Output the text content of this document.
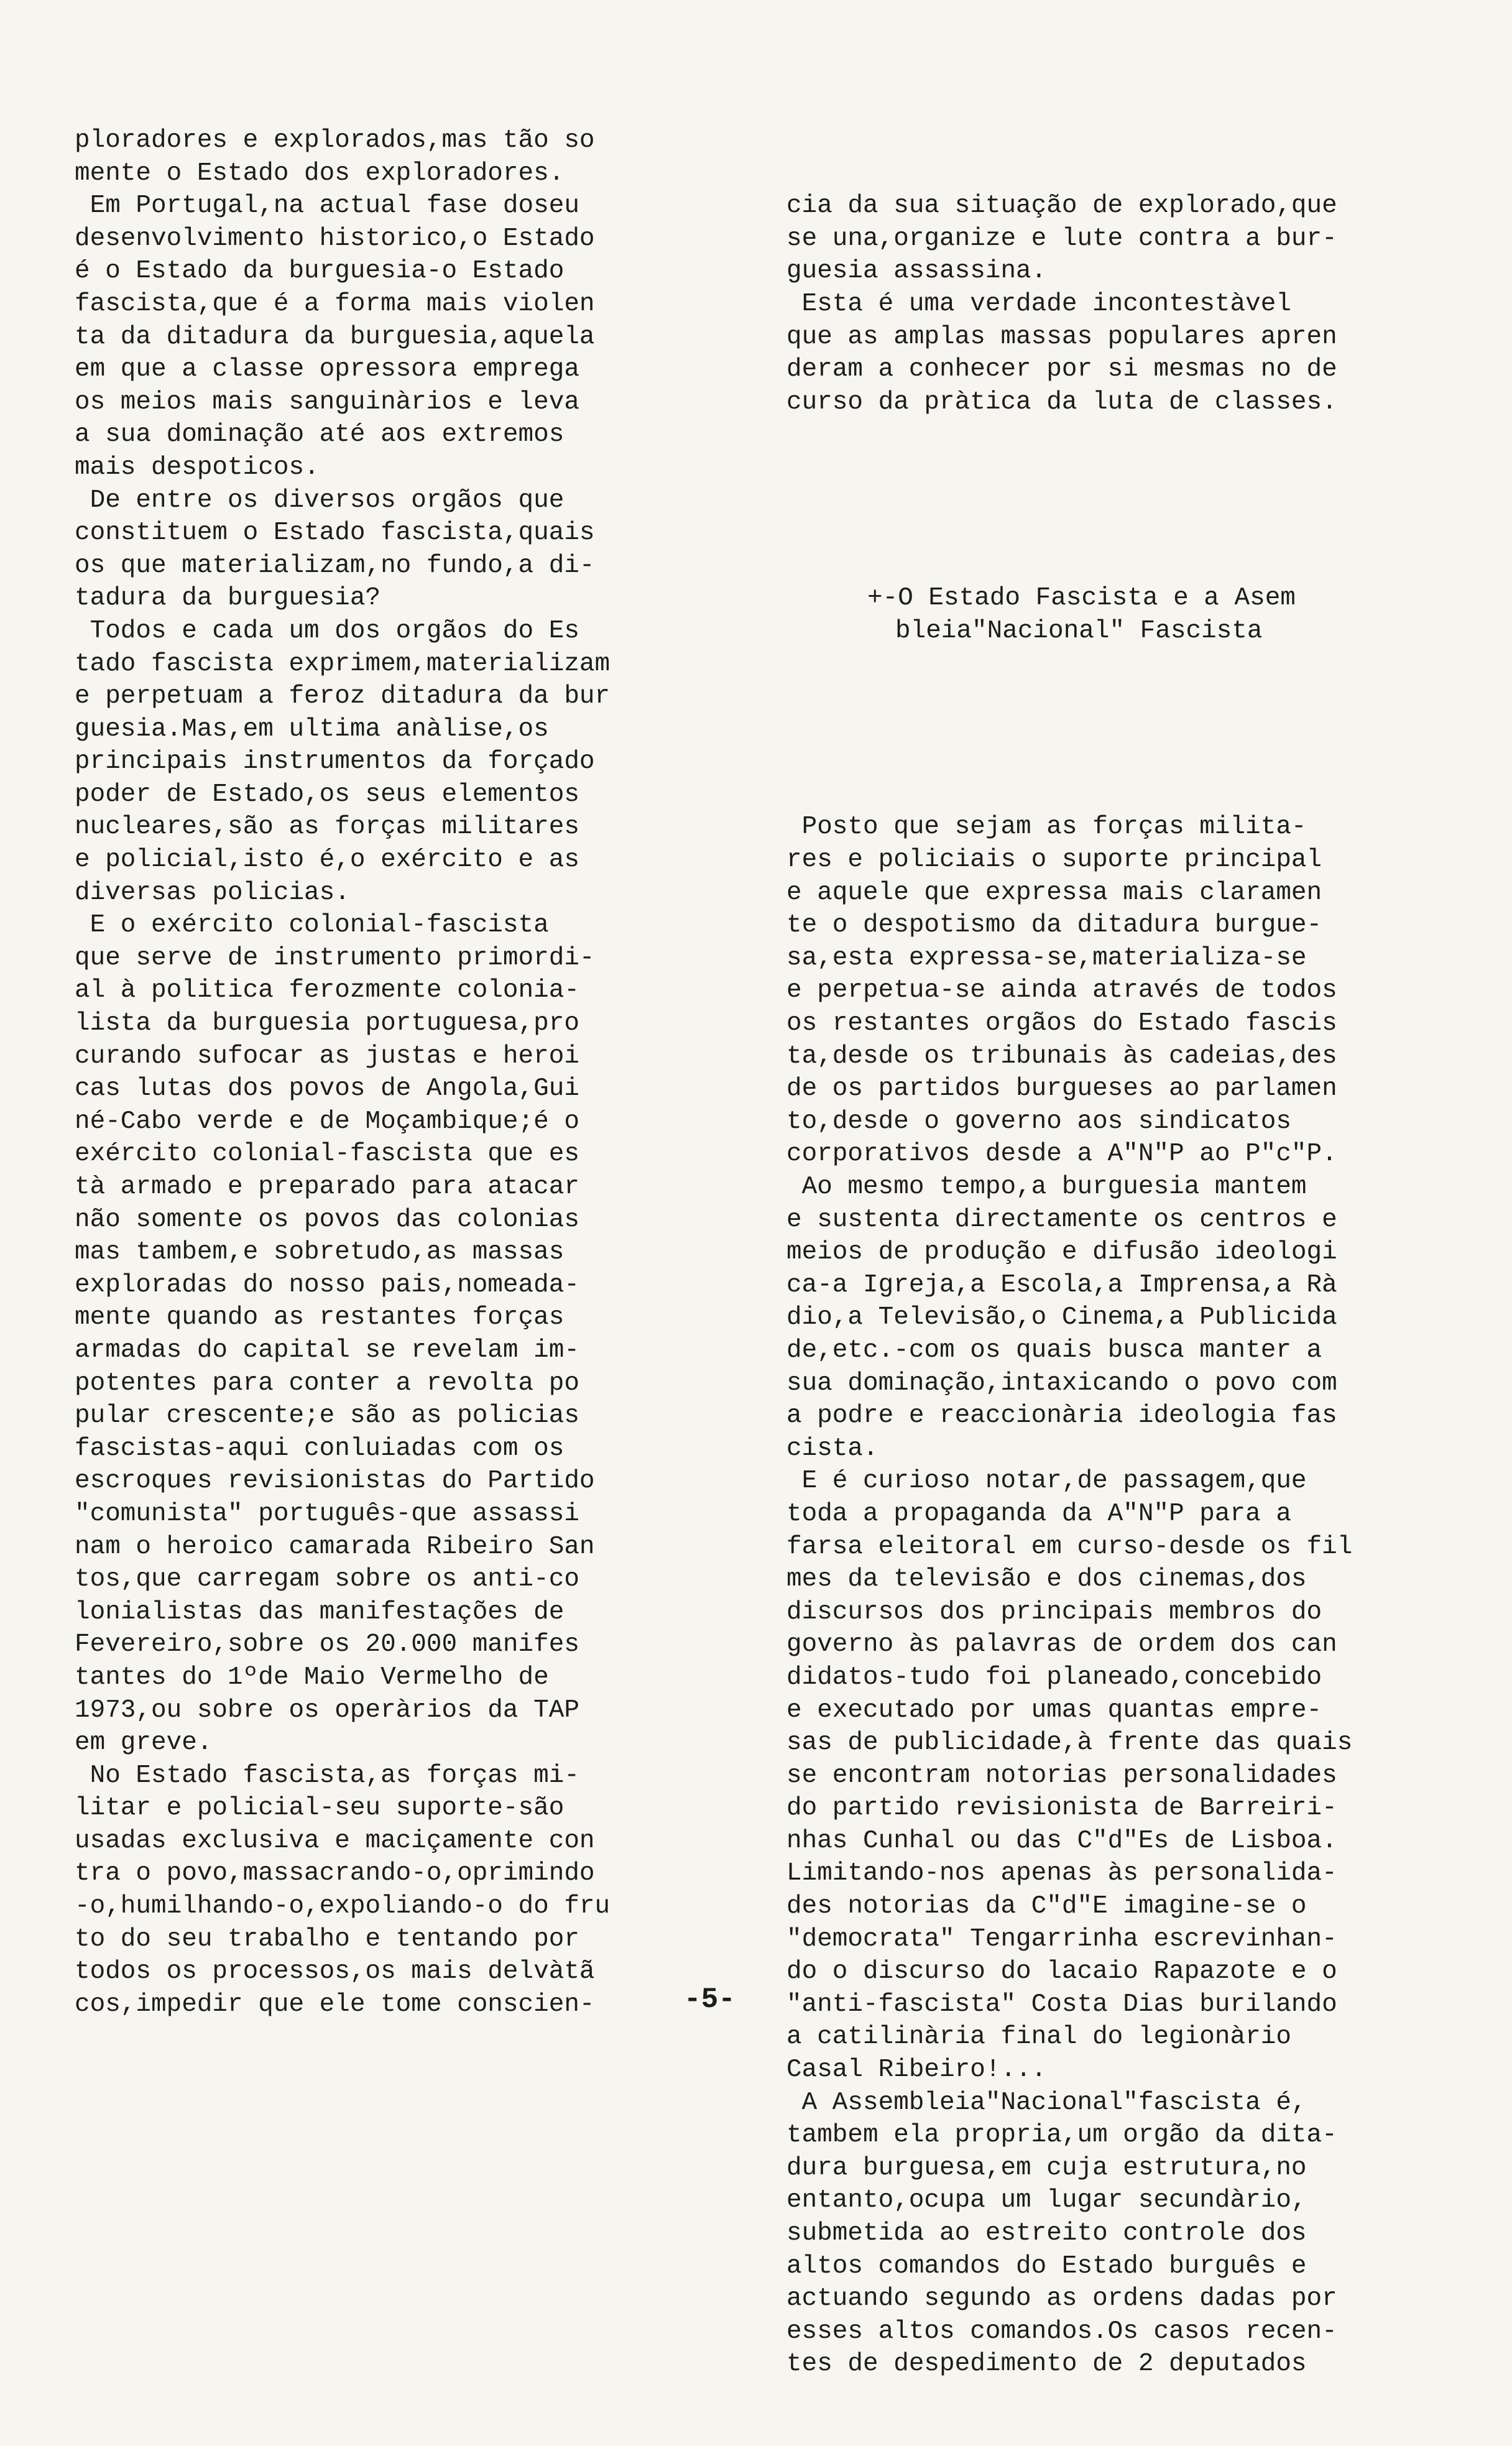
ploradores e explorados,mas tão so
mente o Estado dos exploradores.
Em Portugal,na actual fase doseu
desenvolvimento historico,o Estado
é o Estado da burguesia-o Estado
fascista,que é a forma mais violen
ta da ditadura da burguesia,aquela
em que a classe opressora emprega
os meios mais sanguinàrios e leva
a sua dominação até aos extremos
mais despoticos.
De entre os diversos orgãos que
constituem o Estado fascista,quais
os que materializam,no fundo,a di-
tadura da burguesia?
Todos e cada um dos orgãos do Es
tado fascista exprimem,materializam
e perpetuam a feroz ditadura da bur
guesia.Mas,em ultima anàlise,os
principais instrumentos da forçado
poder de Estado,os seus elementos
nucleares,são as forças militares
e policial,isto é,o exército e as
diversas policias.
E o exército colonial-fascista
que serve de instrumento primordi-
al à politica ferozmente colonia-
lista da burguesia portuguesa,pro
curando sufocar as justas e heroi
cas lutas dos povos de Angola,Gui
né-Cabo verde e de Moçambique;é o
exército colonial-fascista que es
tà armado e preparado para atacar
não somente os povos das colonias
mas tambem,e sobretudo,as massas
exploradas do nosso pais,nomeada-
mente quando as restantes forças
armadas do capital se revelam im-
potentes para conter a revolta po
pular crescente;e são as policias
fascistas-aqui conluiadas com os
escroques revisionistas do Partido
"comunista" português-que assassi
nam o heroico camarada Ribeiro San
tos,que carregam sobre os anti-co
lonialistas das manifestações de
Fevereiro,sobre os 20.000 manifes
tantes do 1ºde Maio Vermelho de
1973,ou sobre os operàrios da TAP
em greve.
No Estado fascista,as forças mi-
litar e policial-seu suporte-são
usadas exclusiva e maciçamente con
tra o povo,massacrando-o,oprimindo
-o,humilhando-o,expoliando-o do fru
to do seu trabalho e tentando por
todos os processos,os mais delvàtã
cos,impedir que ele tome conscien-

cia da sua situação de explorado,que
se una,organize e lute contra a bur-
guesia assassina.
Esta é uma verdade incontestàvel
que as amplas massas populares apren
deram a conhecer por si mesmas no de
curso da pràtica da luta de classes.

+-O Estado Fascista e a Asem
bleia"Nacional" Fascista

Posto que sejam as forças milita-
res e policiais o suporte principal
e aquele que expressa mais claramen
te o despotismo da ditadura burgue-
sa,esta expressa-se,materializa-se
e perpetua-se ainda através de todos
os restantes orgãos do Estado fascis
ta,desde os tribunais às cadeias,des
de os partidos burgueses ao parlamen
to,desde o governo aos sindicatos
corporativos desde a A"N"P ao P"c"P.
Ao mesmo tempo,a burguesia mantem
e sustenta directamente os centros e
meios de produção e difusão ideologi
ca-a Igreja,a Escola,a Imprensa,a Rà
dio,a Televisão,o Cinema,a Publicida
de,etc.-com os quais busca manter a
sua dominação,intaxicando o povo com
a podre e reaccionària ideologia fas
cista.
E é curioso notar,de passagem,que
toda a propaganda da A"N"P para a
farsa eleitoral em curso-desde os fil
mes da televisão e dos cinemas,dos
discursos dos principais membros do
governo às palavras de ordem dos can
didatos-tudo foi planeado,concebido
e executado por umas quantas empre-
sas de publicidade,à frente das quais
se encontram notorias personalidades
do partido revisionista de Barreiri-
nhas Cunhal ou das C"d"Es de Lisboa.
Limitando-nos apenas às personalida-
des notorias da C"d"E imagine-se o
"democrata" Tengarrinha escrevinhan-
do o discurso do lacaio Rapazote e o
"anti-fascista" Costa Dias burilando
a catilinària final do legionàrio
Casal Ribeiro!...
A Assembleia"Nacional"fascista é,
tambem ela propria,um orgão da dita-
dura burguesa,em cuja estrutura,no
entanto,ocupa um lugar secundàrio,
submetida ao estreito controle dos
altos comandos do Estado burguês e
actuando segundo as ordens dadas por
esses altos comandos.Os casos recen-
tes de despedimento de 2 deputados

-5-
